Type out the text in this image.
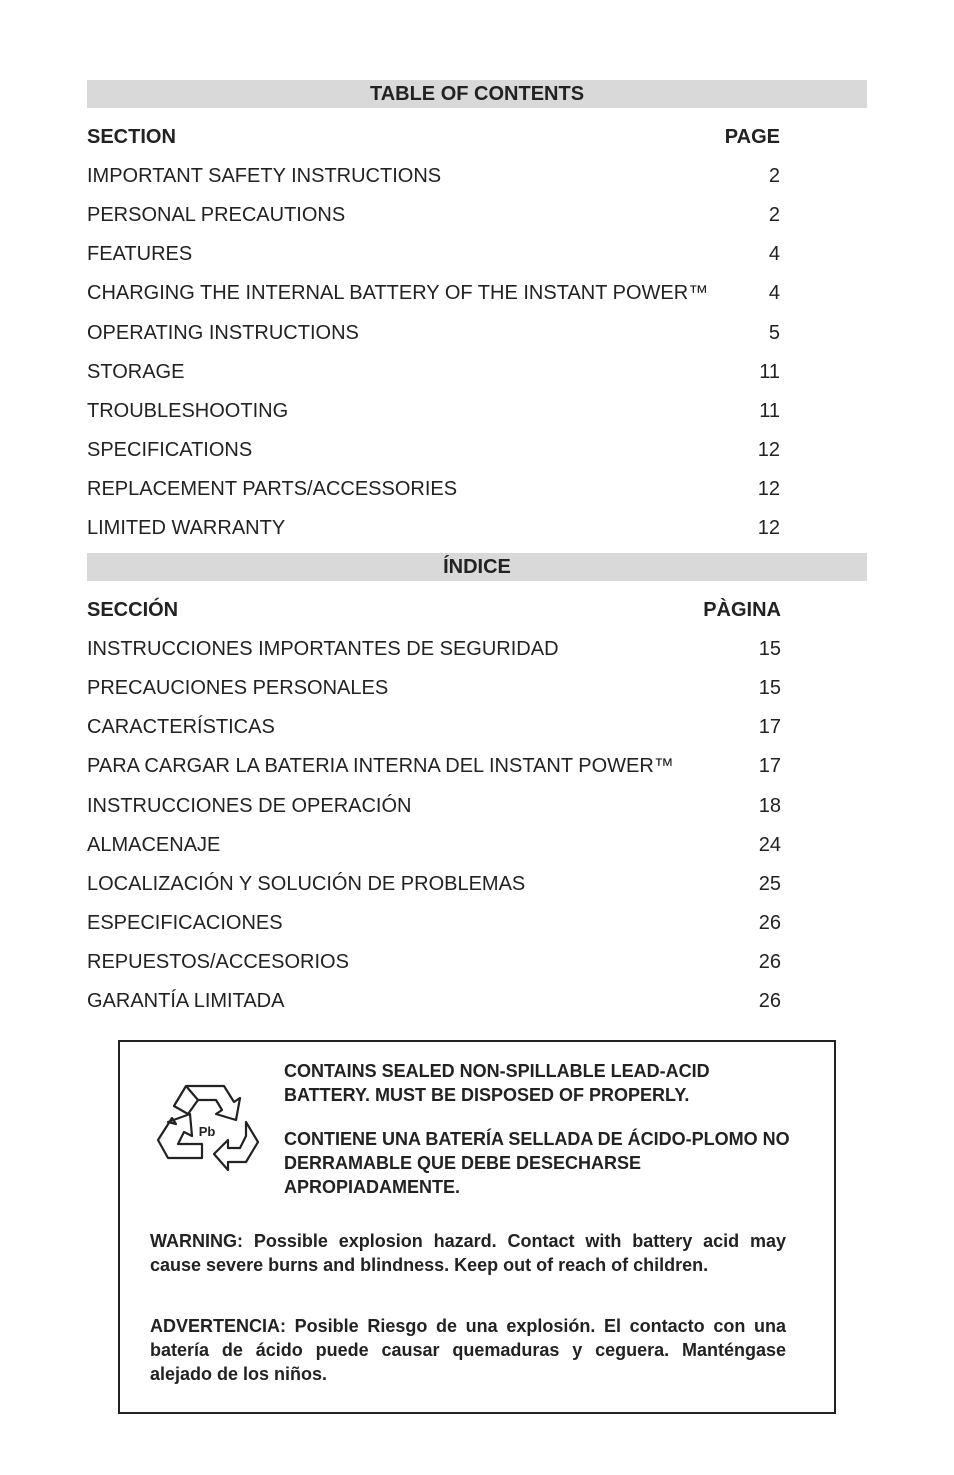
TABLE OF CONTENTS
SECTION	PAGE
IMPORTANT SAFETY INSTRUCTIONS	2
PERSONAL PRECAUTIONS	2
FEATURES	4
CHARGING THE INTERNAL BATTERY OF THE INSTANT POWER™	4
OPERATING INSTRUCTIONS	5
STORAGE	11
TROUBLESHOOTING	11
SPECIFICATIONS	12
REPLACEMENT PARTS/ACCESSORIES	12
LIMITED WARRANTY	12
ÍNDICE
SECCIÓN	PÀGINA
INSTRUCCIONES IMPORTANTES DE SEGURIDAD	15
PRECAUCIONES PERSONALES	15
CARACTERÍSTICAS	17
PARA CARGAR LA BATERIA INTERNA DEL INSTANT POWER™	17
INSTRUCCIONES DE OPERACIÓN	18
ALMACENAJE	24
LOCALIZACIÓN Y SOLUCIÓN DE PROBLEMAS	25
ESPECIFICACIONES	26
REPUESTOS/ACCESORIOS	26
GARANTÍA LIMITADA	26
Pb

CONTAINS SEALED NON-SPILLABLE LEAD-ACID BATTERY. MUST BE DISPOSED OF PROPERLY.

CONTIENE UNA BATERÍA SELLADA DE ÁCIDO-PLOMO NO DERRAMABLE QUE DEBE DESECHARSE APROPIADAMENTE.

WARNING: Possible explosion hazard. Contact with battery acid may cause severe burns and blindness. Keep out of reach of children.

ADVERTENCIA: Posible Riesgo de una explosión. El contacto con una batería de ácido puede causar quemaduras y ceguera. Manténgase alejado de los niños.
